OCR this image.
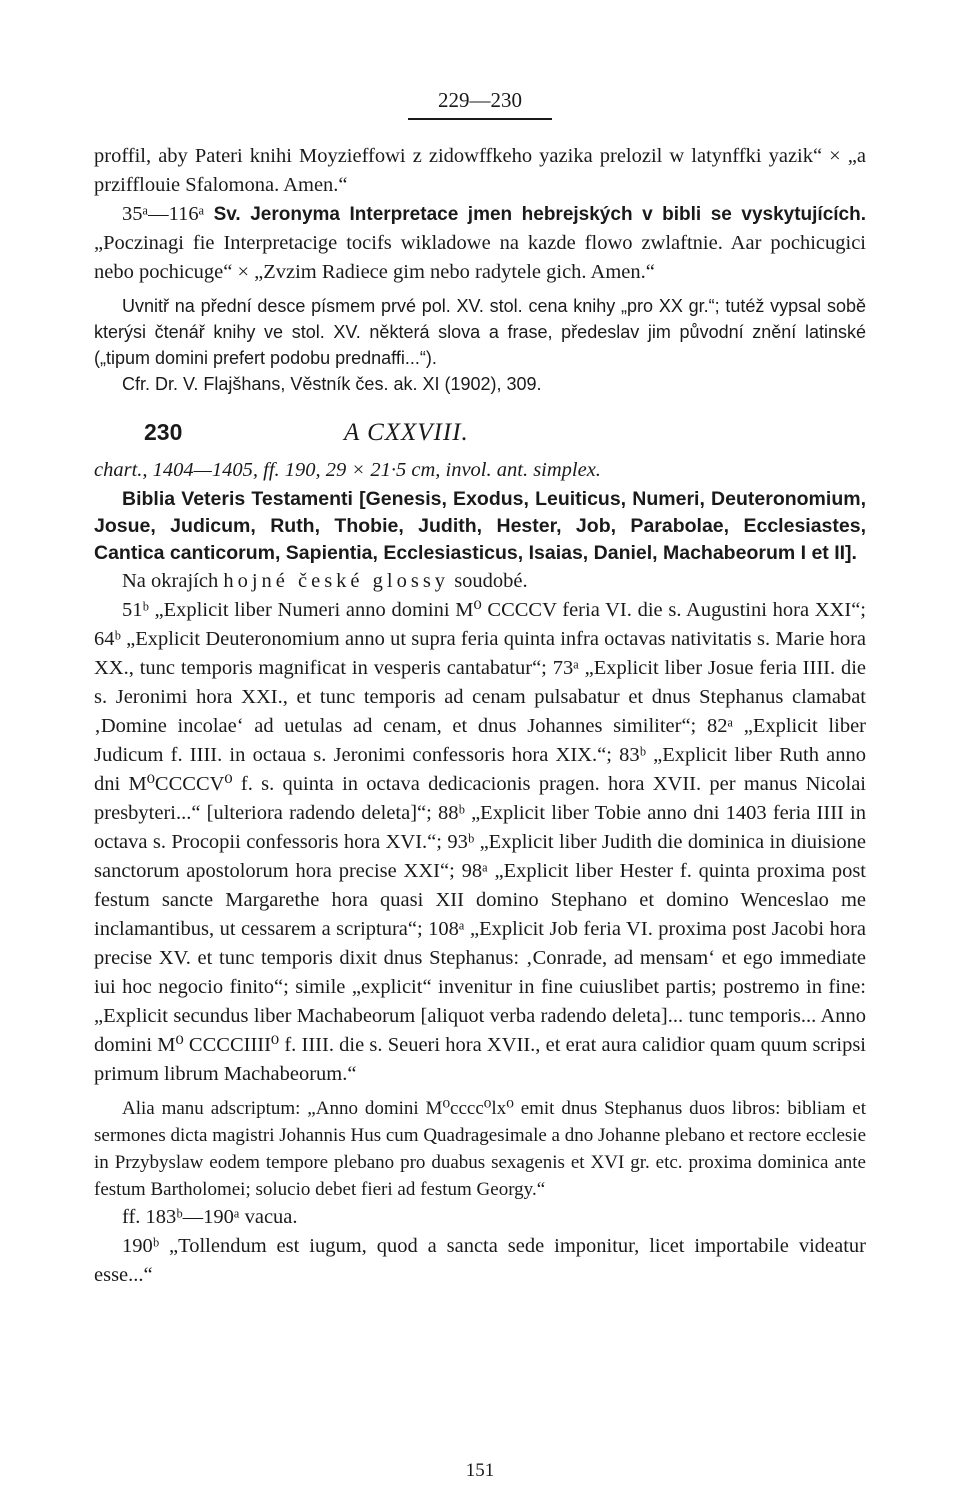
229—230

proffil, aby Pateri knihi Moyzieffowi z zidowffkeho yazika prelozil w latynffki yazik“ × „a przifflouie Sfalomona. Amen.“

35ᵃ—116ᵃ Sv. Jeronyma Interpretace jmen hebrejských v bibli se vyskytujících. „Poczinagi fie Interpretacige tocifs wikladowe na kazde flowo zwlaftnie. Aar pochicugici nebo pochicuge“ × „Zvzim Radiece gim nebo radytele gich. Amen.“

Uvnitř na přední desce písmem prvé pol. XV. stol. cena knihy „pro XX gr.“; tutéž vypsal sobě kterýsi čtenář knihy ve stol. XV. některá slova a frase, předeslav jim původní znění latinské („tipum domini prefert podobu prednaffi...“).

Cfr. Dr. V. Flajšhans, Věstník čes. ak. XI (1902), 309.

230	A CXXVIII.
chart., 1404—1405, ff. 190, 29 × 21·5 cm, invol. ant. simplex.
Biblia Veteris Testamenti [Genesis, Exodus, Leuiticus, Numeri, Deuteronomium, Josue, Judicum, Ruth, Thobie, Judith, Hester, Job, Parabolae, Ecclesiastes, Cantica canticorum, Sapientia, Ecclesiasticus, Isaias, Daniel, Machabeorum I et II].

Na okrajích hojné české glossy soudobé.

51ᵇ „Explicit liber Numeri anno domini M⁰ CCCCV feria VI. die s. Augustini hora XXI“; 64ᵇ „Explicit Deuteronomium anno ut supra feria quinta infra octavas nativitatis s. Marie hora XX., tunc temporis magnificat in vesperis cantabatur“; 73ᵃ „Explicit liber Josue feria IIII. die s. Jeronimi hora XXI., et tunc temporis ad cenam pulsabatur et dnus Stephanus clamabat ‚Domine incolae‘ ad uetulas ad cenam, et dnus Johannes similiter“; 82ᵃ „Explicit liber Judicum f. IIII. in octaua s. Jeronimi confessoris hora XIX.“; 83ᵇ „Explicit liber Ruth anno dni M⁰CCCCV⁰ f. s. quinta in octava dedicacionis pragen. hora XVII. per manus Nicolai presbyteri...“ [ulteriora radendo deleta]“; 88ᵇ „Explicit liber Tobie anno dni 1403 feria IIII in octava s. Procopii confessoris hora XVI.“; 93ᵇ „Explicit liber Judith die dominica in diuisione sanctorum apostolorum hora precise XXI“; 98ᵃ „Explicit liber Hester f. quinta proxima post festum sancte Margarethe hora quasi XII domino Stephano et domino Wenceslao me inclamantibus, ut cessarem a scriptura“; 108ᵃ „Explicit Job feria VI. proxima post Jacobi hora precise XV. et tunc temporis dixit dnus Stephanus: ‚Conrade, ad mensam‘ et ego immediate iui hoc negocio finito“; simile „explicit“ invenitur in fine cuiuslibet partis; postremo in fine: „Explicit secundus liber Machabeorum [aliquot verba radendo deleta]... tunc temporis... Anno domini M⁰ CCCCIIII⁰ f. IIII. die s. Seueri hora XVII., et erat aura calidior quam quum scripsi primum librum Machabeorum.“

Alia manu adscriptum: „Anno domini M⁰cccc⁰lx⁰ emit dnus Stephanus duos libros: bibliam et sermones dicta magistri Johannis Hus cum Quadragesimale a dno Johanne plebano et rectore ecclesie in Przybyslaw eodem tempore plebano pro duabus sexagenis et XVI gr. etc. proxima dominica ante festum Bartholomei; solucio debet fieri ad festum Georgy.“

ff. 183ᵇ—190ᵃ vacua.

190ᵇ „Tollendum est iugum, quod a sancta sede imponitur, licet importabile videatur esse...“

151
